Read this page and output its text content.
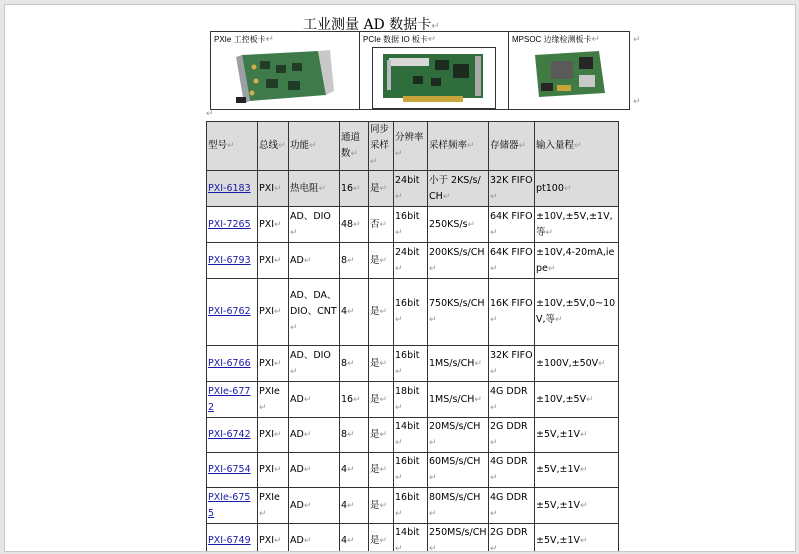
工业测量 AD 数据卡↵
PXIe 工控板卡↵	PCIe 数据 IO 板卡↵	MPSOC 边缘检测板卡↵	↵
↵
↵
型号↵	总线↵	功能↵	通道数↵	同步采样↵	分辨率↵	采样频率↵	存储器↵	输入量程↵
PXI-6183	PXI↵	热电阻↵	16↵	是↵	24bit↵	小于 2KS/s/CH↵	32K FIFO↵	pt100↵
PXI-7265	PXI↵	AD、DIO↵	48↵	否↵	16bit↵	250KS/s↵	64K FIFO↵	±10V,±5V,±1V,等↵
PXI-6793	PXI↵	AD↵	8↵	是↵	24bit↵	200KS/s/CH↵	64K FIFO↵	±10V,4-20mA,iepe↵
PXI-6762	PXI↵	AD、DA、DIO、CNT↵	4↵	是↵	16bit↵	750KS/s/CH↵	16K FIFO↵	±10V,±5V,0~10V,等↵
PXI-6766	PXI↵	AD、DIO↵	8↵	是↵	16bit↵	1MS/s/CH↵	32K FIFO↵	±100V,±50V↵
PXIe-6772	PXIe↵	AD↵	16↵	是↵	18bit↵	1MS/s/CH↵	4G DDR↵	±10V,±5V↵
PXI-6742	PXI↵	AD↵	8↵	是↵	14bit↵	20MS/s/CH↵	2G DDR↵	±5V,±1V↵
PXI-6754	PXI↵	AD↵	4↵	是↵	16bit↵	60MS/s/CH↵	4G DDR↵	±5V,±1V↵
PXIe-6755	PXIe↵	AD↵	4↵	是↵	16bit↵	80MS/s/CH↵	4G DDR↵	±5V,±1V↵
PXI-6749	PXI↵	AD↵	4↵	是↵	14bit↵	250MS/s/CH↵	2G DDR↵	±5V,±1V↵
